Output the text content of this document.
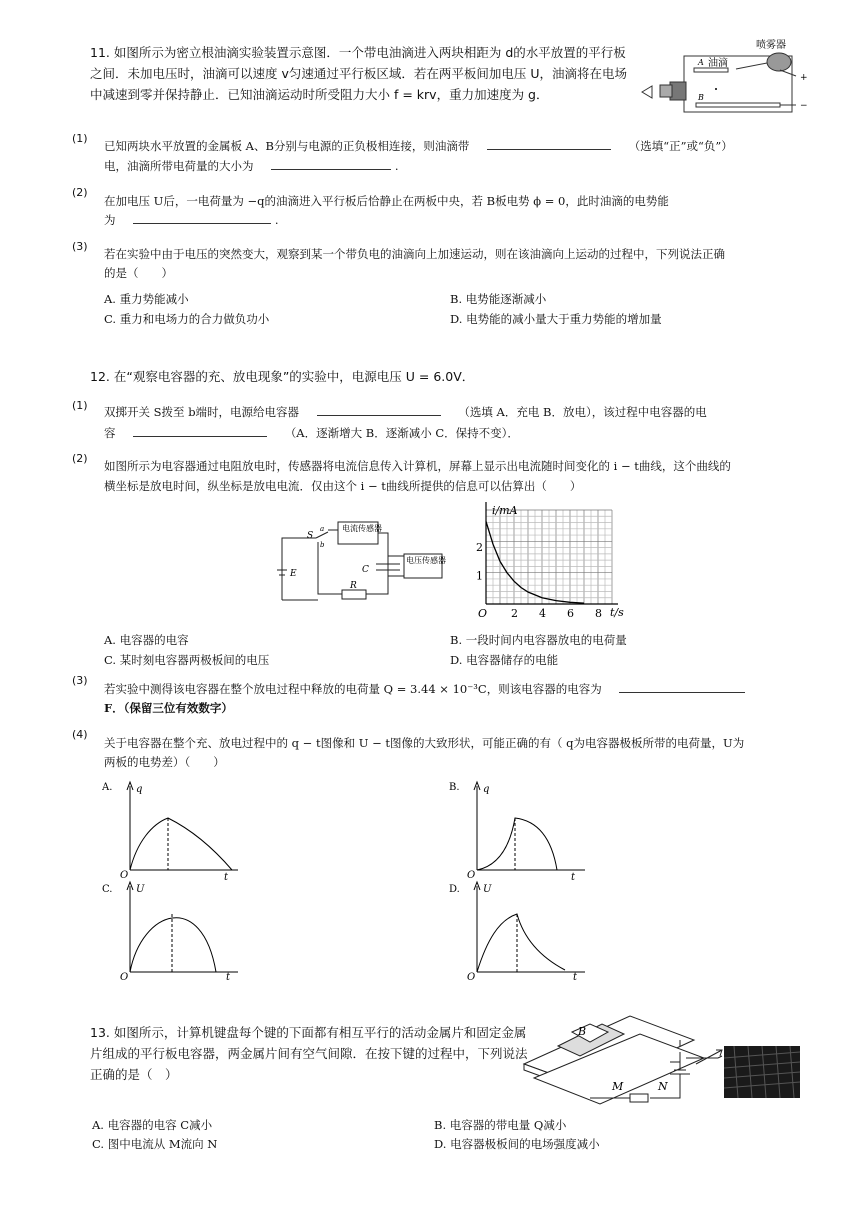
11. 如图所示为密立根油滴实验装置示意图．一个带电油滴进入两块相距为 d的水平放置的平行板之间．未加电压时，油滴可以速度 v匀速通过平行板区域．若在两平板间加电压 U，油滴将在电场中减速到零并保持静止．已知油滴运动时所受阻力大小 f = krv，重力加速度为 g．
油滴
A
B
喷雾器
+
−
(1)
已知两块水平放置的金属板 A、B分别与电源的正负极相连接，则油滴带	（选填“正”或“负”）
电，油滴所带电荷量的大小为	.
(2)
在加电压 U后，一电荷量为 −q的油滴进入平行板后恰静止在两板中央，若 B板电势 ϕ = 0，此时油滴的电势能
为	.
(3)
若在实验中由于电压的突然变大，观察到某一个带负电的油滴向上加速运动，则在该油滴向上运动的过程中，下列说法正确
的是（　　）
A. 重力势能减小	B. 电势能逐渐减小
C. 重力和电场力的合力做负功小	D. 电势能的减小量大于重力势能的增加量
12. 在“观察电容器的充、放电现象”的实验中，电源电压 U = 6.0V．
(1) 双掷开关 S拨至 b端时，电源给电容器	（选填 A．充电 B．放电），该过程中电容器的电
容	（A．逐渐增大 B．逐渐减小 C．保持不变）．
(2)
如图所示为电容器通过电阻放电时，传感器将电流信息传入计算机，屏幕上显示出电流随时间变化的 i − t曲线，这个曲线的
横坐标是放电时间，纵坐标是放电电流．仅由这个 i − t曲线所提供的信息可以估算出（　　）
S
a
b
电流传感器
C
电压传感器
R
E
O 2 4 6 8
1
2
i/mA
t/s
A. 电容器的电容	B. 一段时间内电容器放电的电荷量
C. 某时刻电容器两极板间的电压	D. 电容器储存的电能
(3)
若实验中测得该电容器在整个放电过程中释放的电荷量 Q = 3.44 × 10⁻³C，则该电容器的电容为
F．（保留三位有效数字）
(4)
关于电容器在整个充、放电过程中的 q − t图像和 U − t图像的大致形状，可能正确的有（ q为电容器极板所带的电荷量，U为
两板的电势差）（　　）
A. q
O	t
B. q
O	t
C. U
O	t
D. U
O	t
13. 如图所示，计算机键盘每个键的下面都有相互平行的活动金属片和固定金属片组成的平行板电容器，两金属片间有空气间隙．在按下键的过程中，下列说法正确的是（　）
B
M	N
A. 电容器的电容 C减小	B. 电容器的带电量 Q减小
C. 图中电流从 M流向 N	D. 电容器极板间的电场强度减小
